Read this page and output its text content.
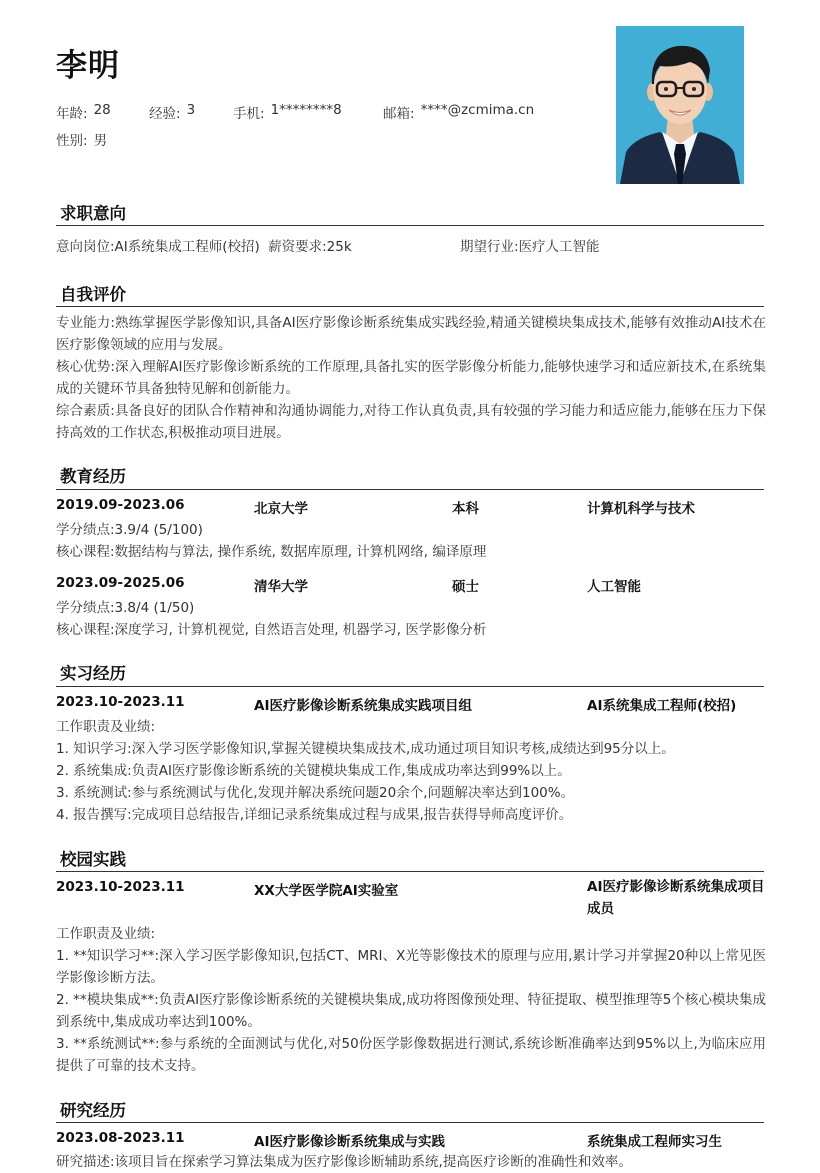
李明
年龄: 28	经验: 3	手机: 1********8	邮箱: ****@zcmima.cn
性别: 男
求职意向
意向岗位:AI系统集成工程师(校招) 薪资要求:25k	期望行业:医疗人工智能
自我评价
专业能力:熟练掌握医学影像知识,具备AI医疗影像诊断系统集成实践经验,精通关键模块集成技术,能够有效推动AI技术在医疗影像领域的应用与发展。
核心优势:深入理解AI医疗影像诊断系统的工作原理,具备扎实的医学影像分析能力,能够快速学习和适应新技术,在系统集成的关键环节具备独特见解和创新能力。
综合素质:具备良好的团队合作精神和沟通协调能力,对待工作认真负责,具有较强的学习能力和适应能力,能够在压力下保持高效的工作状态,积极推动项目进展。
教育经历
2019.09-2023.06	北京大学	本科	计算机科学与技术
学分绩点:3.9/4 (5/100)
核心课程:数据结构与算法, 操作系统, 数据库原理, 计算机网络, 编译原理
2023.09-2025.06	清华大学	硕士	人工智能
学分绩点:3.8/4 (1/50)
核心课程:深度学习, 计算机视觉, 自然语言处理, 机器学习, 医学影像分析
实习经历
2023.10-2023.11	AI医疗影像诊断系统集成实践项目组	AI系统集成工程师(校招)
工作职责及业绩:
1. 知识学习:深入学习医学影像知识,掌握关键模块集成技术,成功通过项目知识考核,成绩达到95分以上。
2. 系统集成:负责AI医疗影像诊断系统的关键模块集成工作,集成成功率达到99%以上。
3. 系统测试:参与系统测试与优化,发现并解决系统问题20余个,问题解决率达到100%。
4. 报告撰写:完成项目总结报告,详细记录系统集成过程与成果,报告获得导师高度评价。
校园实践
2023.10-2023.11	XX大学医学院AI实验室	AI医疗影像诊断系统集成项目成员
工作职责及业绩:
1. **知识学习**:深入学习医学影像知识,包括CT、MRI、X光等影像技术的原理与应用,累计学习并掌握20种以上常见医学影像诊断方法。
2. **模块集成**:负责AI医疗影像诊断系统的关键模块集成,成功将图像预处理、特征提取、模型推理等5个核心模块集成到系统中,集成成功率达到100%。
3. **系统测试**:参与系统的全面测试与优化,对50份医学影像数据进行测试,系统诊断准确率达到95%以上,为临床应用提供了可靠的技术支持。
研究经历
2023.08-2023.11	AI医疗影像诊断系统集成与实践	系统集成工程师实习生
研究描述:该项目旨在探索学习算法集成为医疗影像诊断辅助系统,提高医疗诊断的准确性和效率。
